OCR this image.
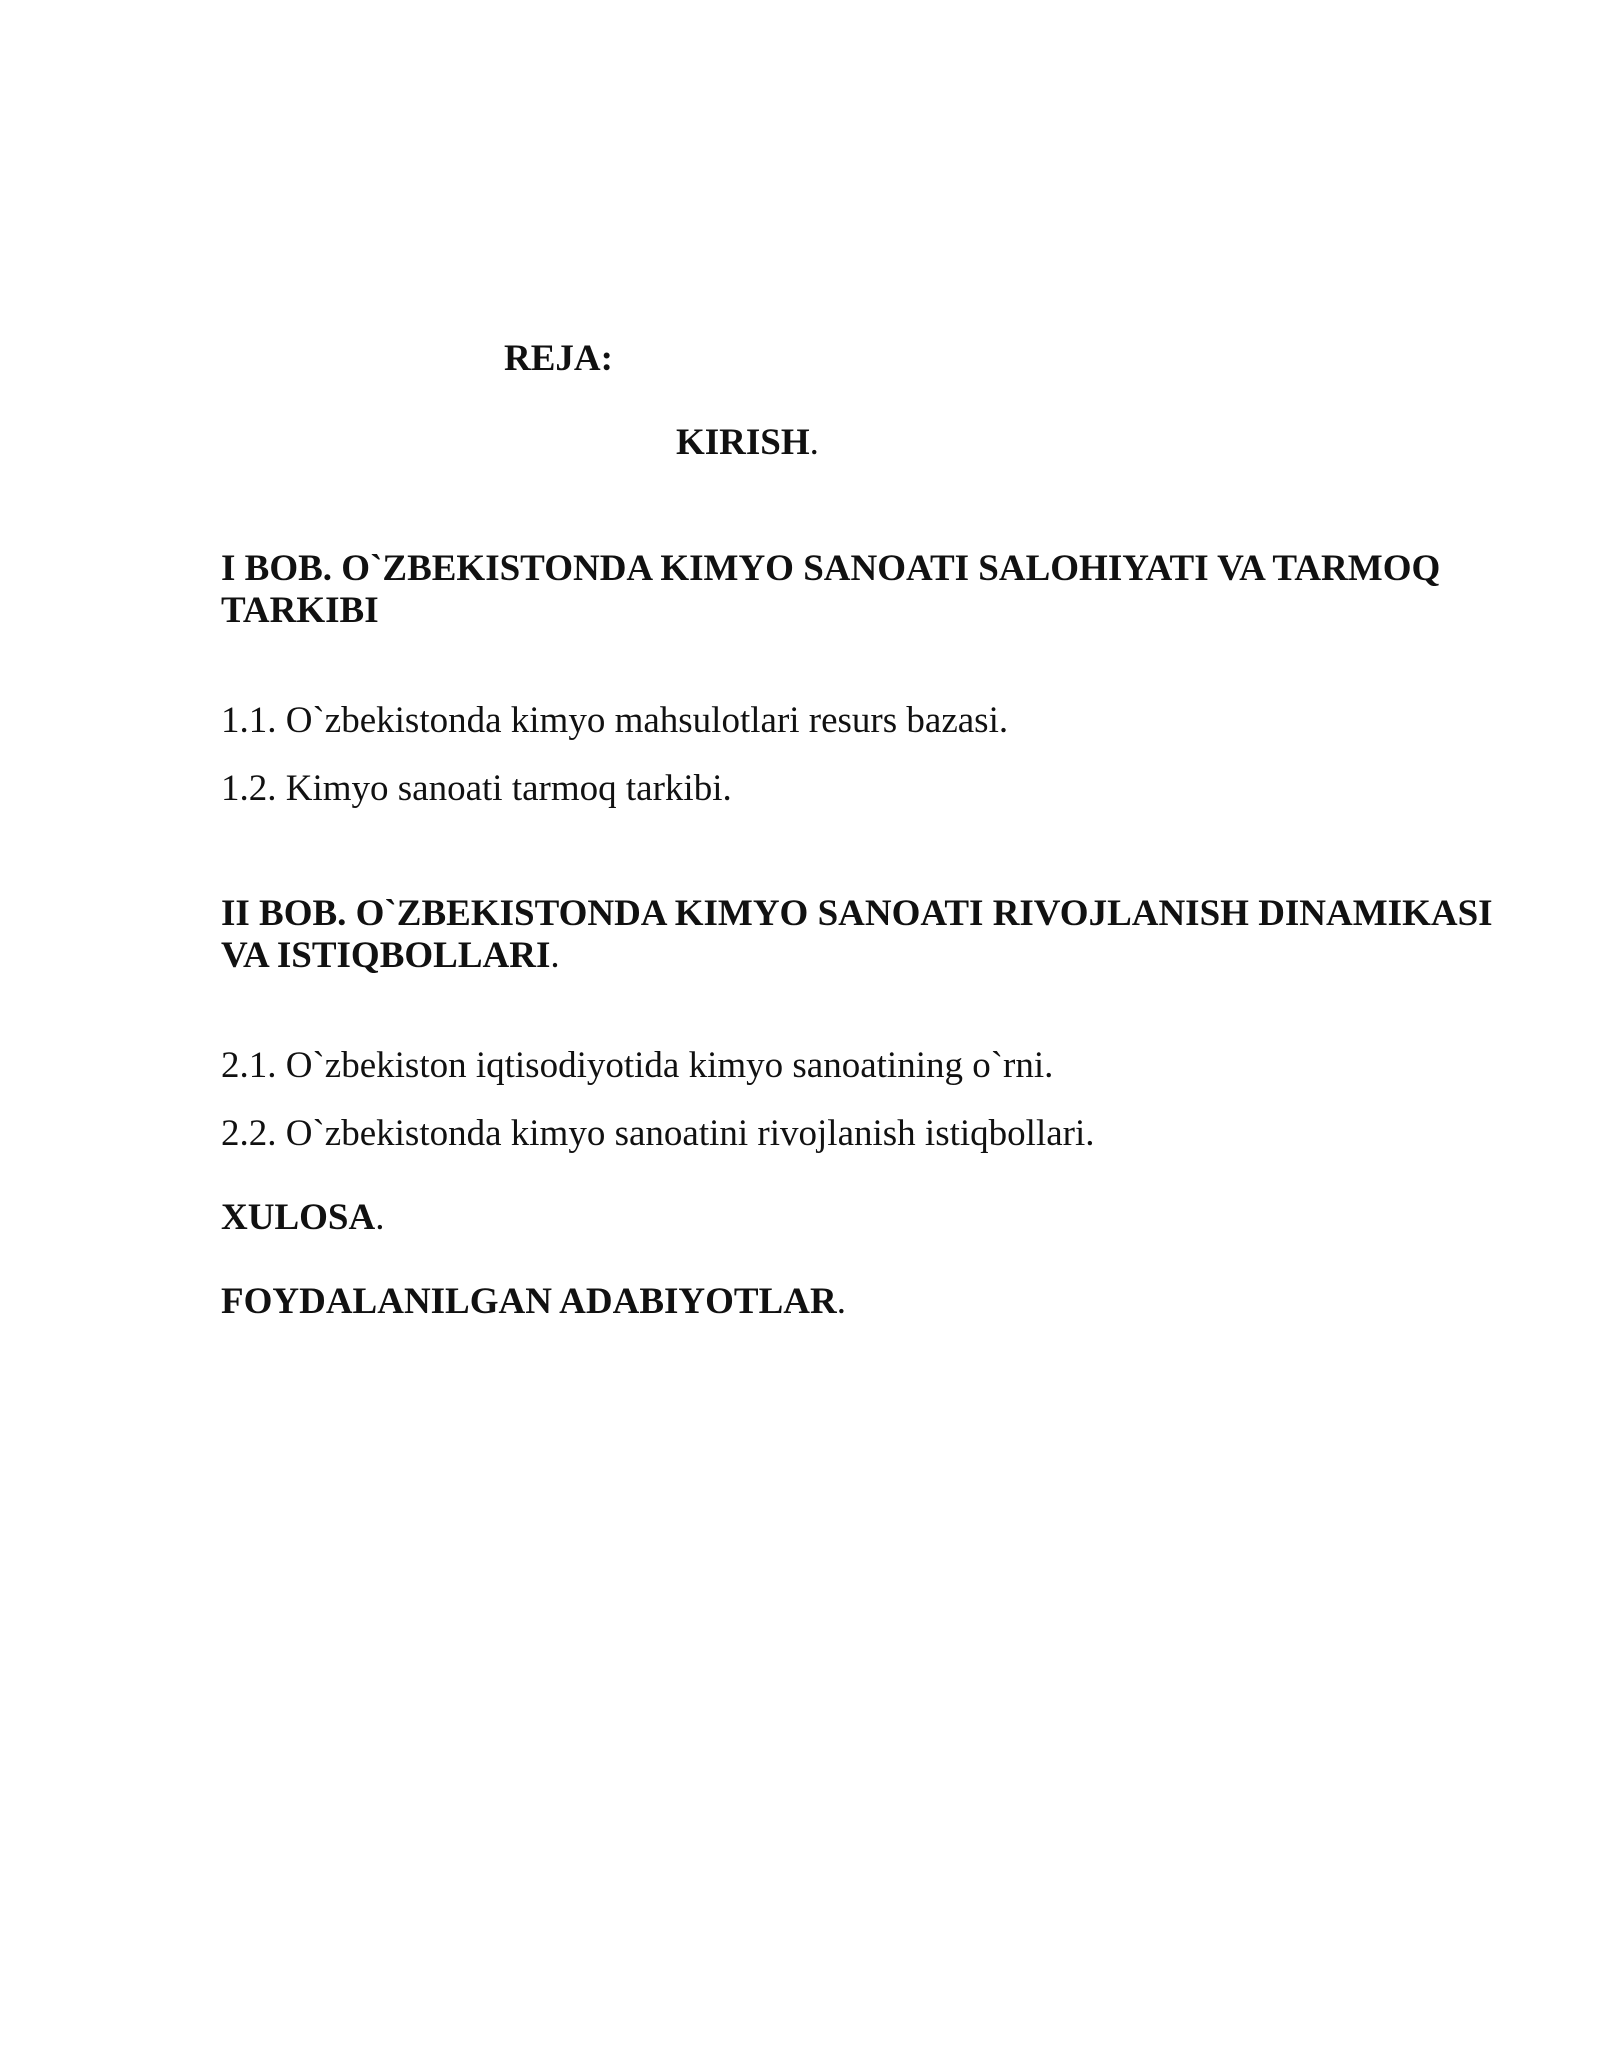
REJA:
KIRISH.
I BOB. O`ZBEKISTONDA KIMYO SANOATI SALOHIYATI VA TARMOQ TARKIBI
1.1. O`zbekistonda kimyo mahsulotlari resurs bazasi.
1.2. Kimyo sanoati tarmoq tarkibi.
II BOB. O`ZBEKISTONDA KIMYO SANOATI RIVOJLANISH DINAMIKASI VA ISTIQBOLLARI.
2.1. O`zbekiston iqtisodiyotida kimyo sanoatining o`rni.
2.2. O`zbekistonda kimyo sanoatini rivojlanish istiqbollari.
XULOSA.
FOYDALANILGAN ADABIYOTLAR.
